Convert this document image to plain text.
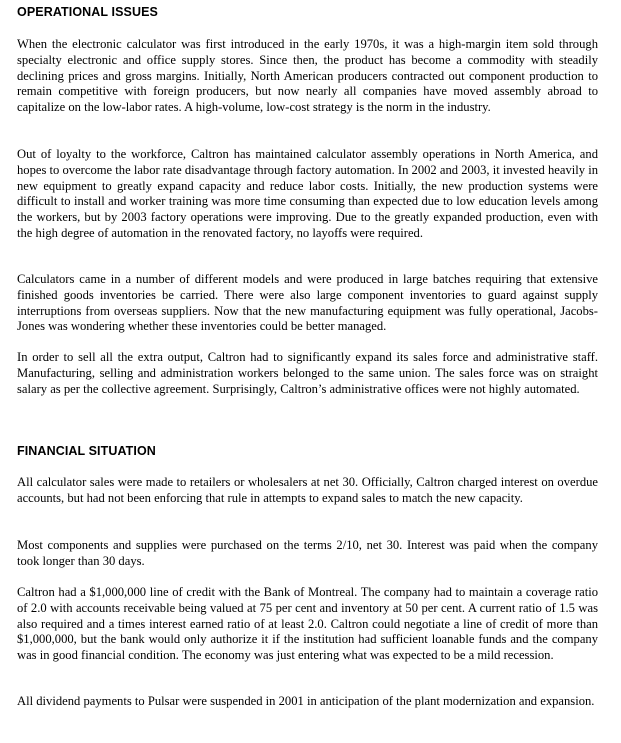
OPERATIONAL ISSUES

When the electronic calculator was first introduced in the early 1970s, it was a high-margin item sold through specialty electronic and office supply stores. Since then, the product has become a commodity with steadily declining prices and gross margins. Initially, North American producers contracted out component production to remain competitive with foreign producers, but now nearly all companies have moved assembly abroad to capitalize on the low-labor rates. A high-volume, low-cost strategy is the norm in the industry.

Out of loyalty to the workforce, Caltron has maintained calculator assembly operations in North America, and hopes to overcome the labor rate disadvantage through factory automation. In 2002 and 2003, it invested heavily in new equipment to greatly expand capacity and reduce labor costs. Initially, the new production systems were difficult to install and worker training was more time consuming than expected due to low education levels among the workers, but by 2003 factory operations were improving. Due to the greatly expanded production, even with the high degree of automation in the renovated factory, no layoffs were required.

Calculators came in a number of different models and were produced in large batches requiring that extensive finished goods inventories be carried. There were also large component inventories to guard against supply interruptions from overseas suppliers. Now that the new manufacturing equipment was fully operational, Jacobs-Jones was wondering whether these inventories could be better managed.

In order to sell all the extra output, Caltron had to significantly expand its sales force and administrative staff. Manufacturing, selling and administration workers belonged to the same union. The sales force was on straight salary as per the collective agreement. Surprisingly, Caltron’s administrative offices were not highly automated.

FINANCIAL SITUATION

All calculator sales were made to retailers or wholesalers at net 30. Officially, Caltron charged interest on overdue accounts, but had not been enforcing that rule in attempts to expand sales to match the new capacity.

Most components and supplies were purchased on the terms 2/10, net 30. Interest was paid when the company took longer than 30 days.

Caltron had a $1,000,000 line of credit with the Bank of Montreal. The company had to maintain a coverage ratio of 2.0 with accounts receivable being valued at 75 per cent and inventory at 50 per cent. A current ratio of 1.5 was also required and a times interest earned ratio of at least 2.0. Caltron could negotiate a line of credit of more than $1,000,000, but the bank would only authorize it if the institution had sufficient loanable funds and the company was in good financial condition. The economy was just entering what was expected to be a mild recession.

All dividend payments to Pulsar were suspended in 2001 in anticipation of the plant modernization and expansion.
